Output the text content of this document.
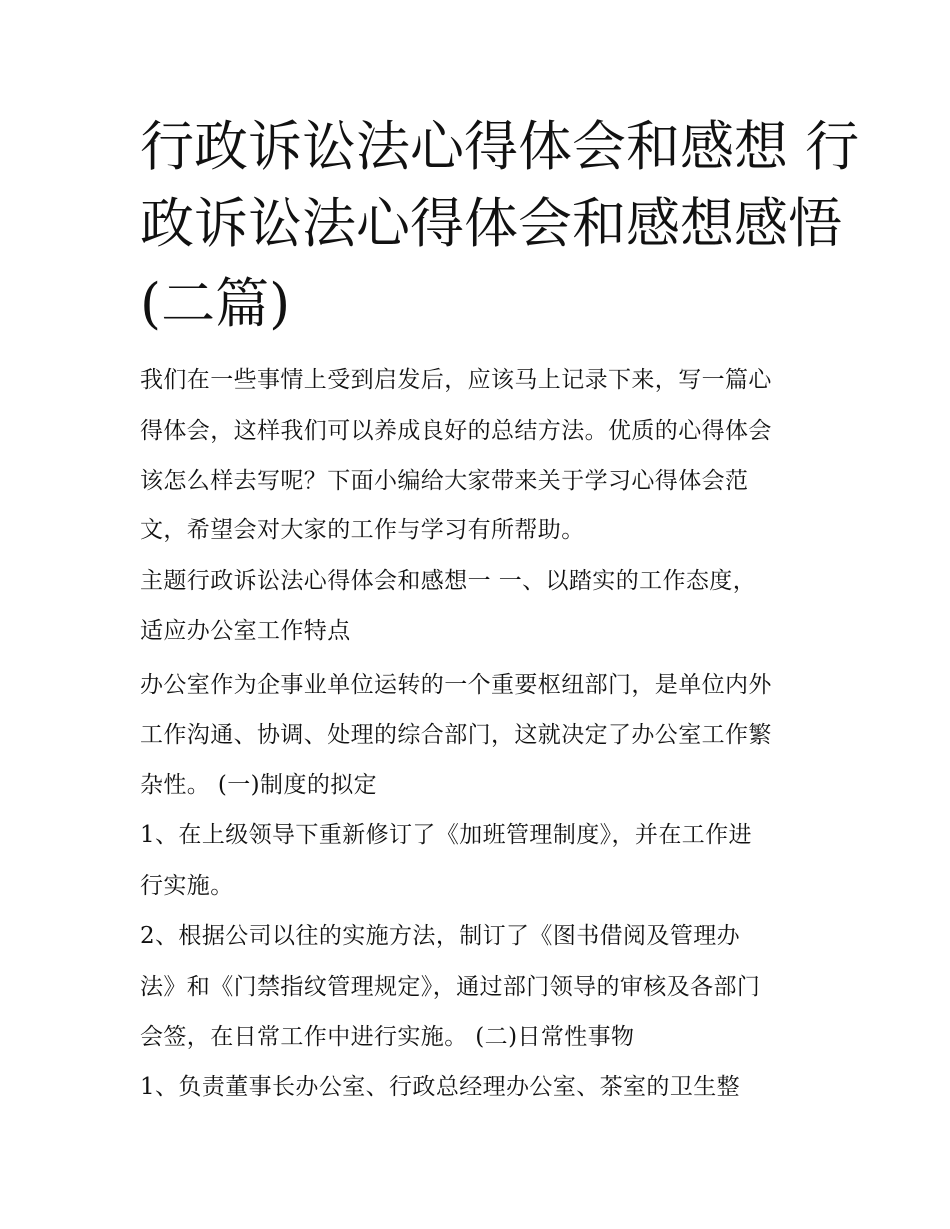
行政诉讼法心得体会和感想 行
政诉讼法心得体会和感想感悟
(二篇)

我们在一些事情上受到启发后，应该马上记录下来，写一篇心

得体会，这样我们可以养成良好的总结方法。优质的心得体会

该怎么样去写呢？下面小编给大家带来关于学习心得体会范

文，希望会对大家的工作与学习有所帮助。

主题行政诉讼法心得体会和感想一 一、以踏实的工作态度，

适应办公室工作特点

办公室作为企事业单位运转的一个重要枢纽部门，是单位内外

工作沟通、协调、处理的综合部门，这就决定了办公室工作繁

杂性。 (一)制度的拟定

1、在上级领导下重新修订了《加班管理制度》，并在工作进

行实施。

2、根据公司以往的实施方法，制订了《图书借阅及管理办

法》和《门禁指纹管理规定》，通过部门领导的审核及各部门

会签，在日常工作中进行实施。 (二)日常性事物

1、负责董事长办公室、行政总经理办公室、茶室的卫生整
